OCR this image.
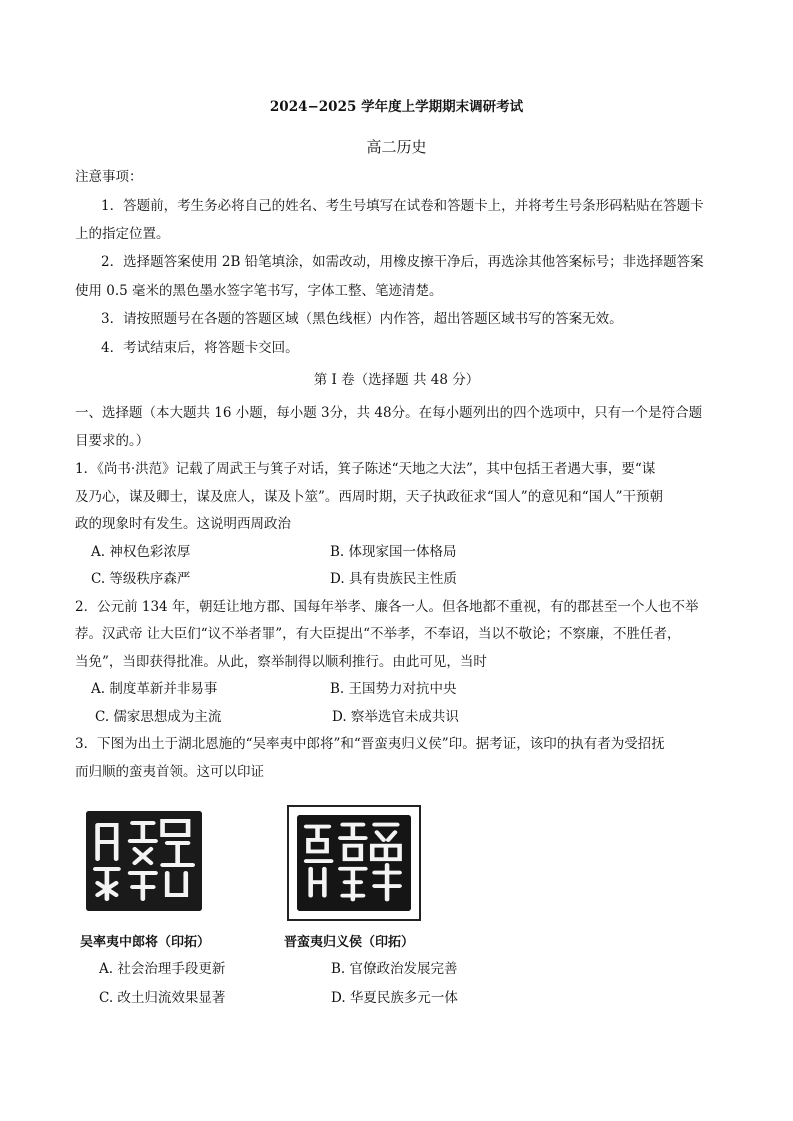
2024−2025 学年度上学期期末调研考试
高二历史
注意事项：
1．答题前，考生务必将自己的姓名、考生号填写在试卷和答题卡上，并将考生号条形码粘贴在答题卡
上的指定位置。
2．选择题答案使用 2B 铅笔填涂，如需改动，用橡皮擦干净后，再选涂其他答案标号；非选择题答案
使用 0.5 毫米的黑色墨水签字笔书写，字体工整、笔迹清楚。
3．请按照题号在各题的答题区域（黑色线框）内作答，超出答题区域书写的答案无效。
4．考试结束后，将答题卡交回。
第 I 卷（选择题 共 48 分）
一、选择题（本大题共 16 小题，每小题 3分，共 48分。在每小题列出的四个选项中，只有一个是符合题
目要求的。）
1．《尚书·洪范》记载了周武王与箕子对话，箕子陈述“天地之大法”，其中包括王者遇大事，要“谋
及乃心，谋及卿士，谋及庶人，谋及卜筮”。西周时期，天子执政征求“国人”的意见和“国人”干预朝
政的现象时有发生。这说明西周政治
A. 神权色彩浓厚	B. 体现家国一体格局
C. 等级秩序森严	D. 具有贵族民主性质
2．公元前 134 年，朝廷让地方郡、国每年举孝、廉各一人。但各地都不重视，有的郡甚至一个人也不举
荐。汉武帝 让大臣们“议不举者罪”，有大臣提出“不举孝，不奉诏，当以不敬论；不察廉，不胜任者，
当免”，当即获得批准。从此，察举制得以顺利推行。由此可见，当时
A. 制度革新并非易事	B. 王国势力对抗中央
C. 儒家思想成为主流	D. 察举选官未成共识
3．下图为出土于湖北恩施的“吴率夷中郎将”和“晋蛮夷归义侯”印。据考证，该印的执有者为受招抚
而归顺的蛮夷首领。这可以印证
吴率夷中郎将（印拓）	晋蛮夷归义侯（印拓）
A. 社会治理手段更新	B. 官僚政治发展完善
C. 改土归流效果显著	D. 华夏民族多元一体
